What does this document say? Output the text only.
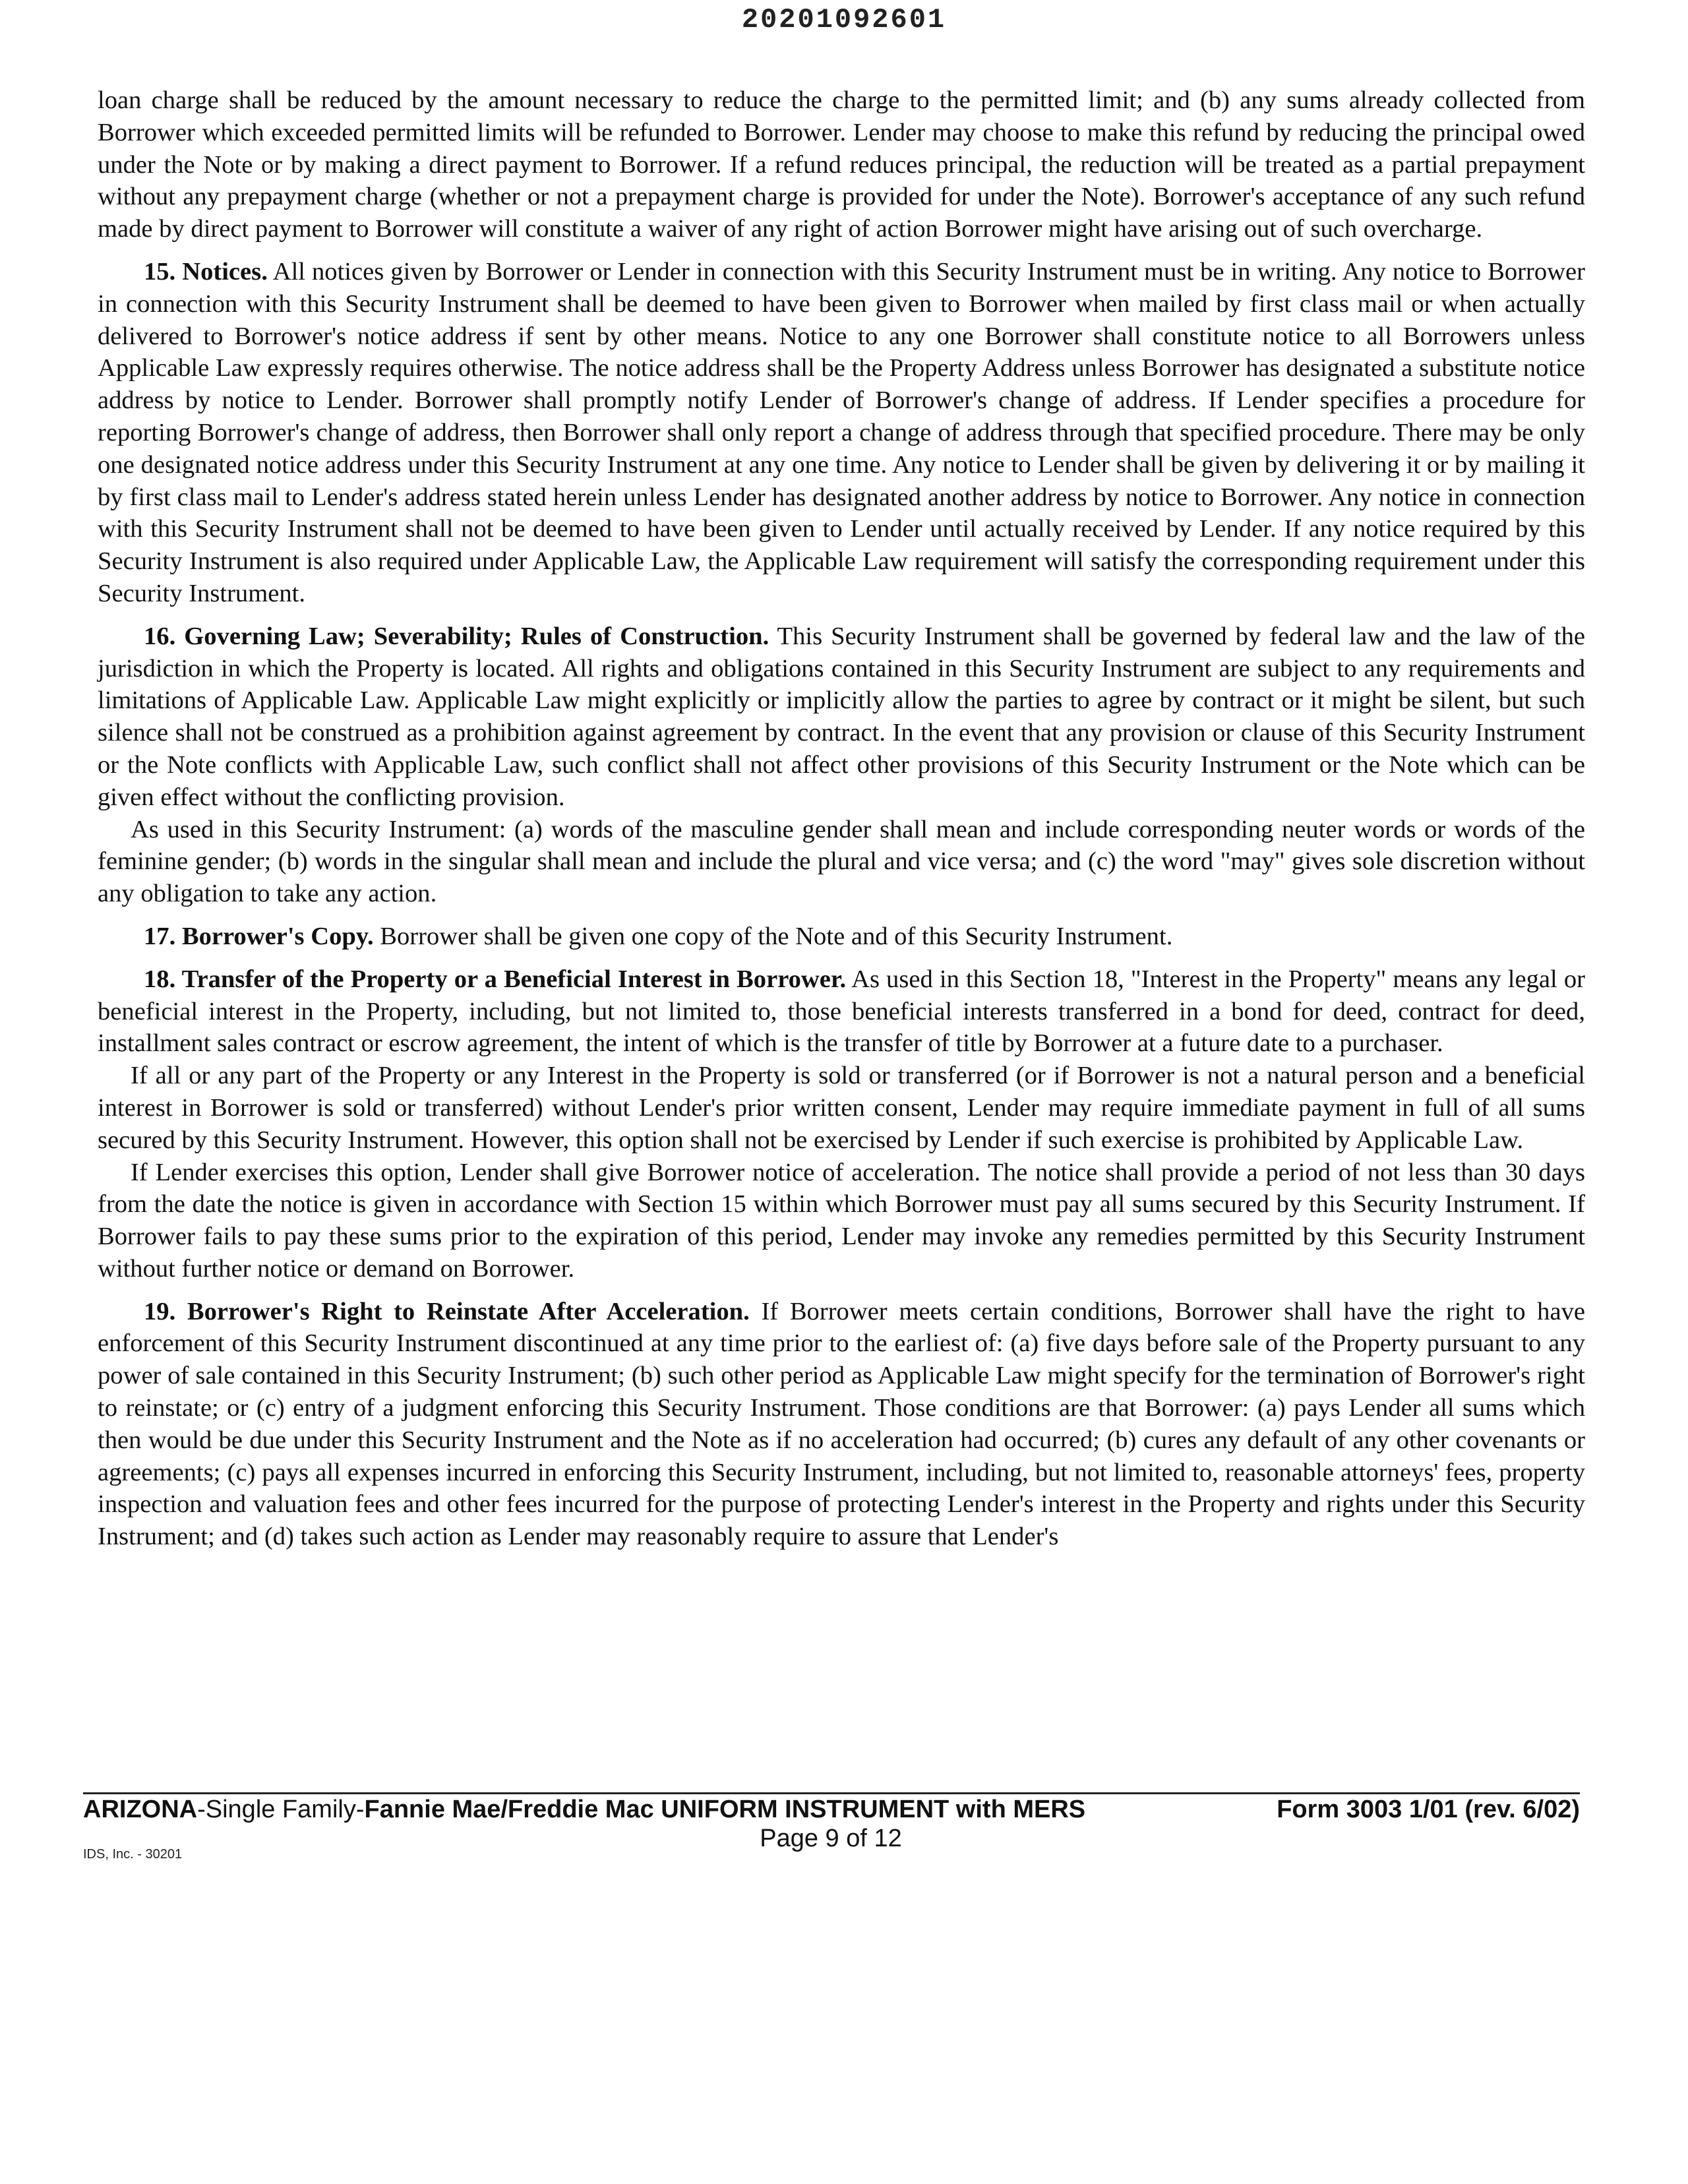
20201092601

loan charge shall be reduced by the amount necessary to reduce the charge to the permitted limit; and (b) any sums already collected from Borrower which exceeded permitted limits will be refunded to Borrower. Lender may choose to make this refund by reducing the principal owed under the Note or by making a direct payment to Borrower. If a refund reduces principal, the reduction will be treated as a partial prepayment without any prepayment charge (whether or not a prepayment charge is provided for under the Note). Borrower's acceptance of any such refund made by direct payment to Borrower will constitute a waiver of any right of action Borrower might have arising out of such overcharge.

15. Notices. All notices given by Borrower or Lender in connection with this Security Instrument must be in writing. Any notice to Borrower in connection with this Security Instrument shall be deemed to have been given to Borrower when mailed by first class mail or when actually delivered to Borrower's notice address if sent by other means. Notice to any one Borrower shall constitute notice to all Borrowers unless Applicable Law expressly requires otherwise. The notice address shall be the Property Address unless Borrower has designated a substitute notice address by notice to Lender. Borrower shall promptly notify Lender of Borrower's change of address. If Lender specifies a procedure for reporting Borrower's change of address, then Borrower shall only report a change of address through that specified procedure. There may be only one designated notice address under this Security Instrument at any one time. Any notice to Lender shall be given by delivering it or by mailing it by first class mail to Lender's address stated herein unless Lender has designated another address by notice to Borrower. Any notice in connection with this Security Instrument shall not be deemed to have been given to Lender until actually received by Lender. If any notice required by this Security Instrument is also required under Applicable Law, the Applicable Law requirement will satisfy the corresponding requirement under this Security Instrument.

16. Governing Law; Severability; Rules of Construction. This Security Instrument shall be governed by federal law and the law of the jurisdiction in which the Property is located. All rights and obligations contained in this Security Instrument are subject to any requirements and limitations of Applicable Law. Applicable Law might explicitly or implicitly allow the parties to agree by contract or it might be silent, but such silence shall not be construed as a prohibition against agreement by contract. In the event that any provision or clause of this Security Instrument or the Note conflicts with Applicable Law, such conflict shall not affect other provisions of this Security Instrument or the Note which can be given effect without the conflicting provision.

As used in this Security Instrument: (a) words of the masculine gender shall mean and include corresponding neuter words or words of the feminine gender; (b) words in the singular shall mean and include the plural and vice versa; and (c) the word "may" gives sole discretion without any obligation to take any action.

17. Borrower's Copy. Borrower shall be given one copy of the Note and of this Security Instrument.

18. Transfer of the Property or a Beneficial Interest in Borrower. As used in this Section 18, "Interest in the Property" means any legal or beneficial interest in the Property, including, but not limited to, those beneficial interests transferred in a bond for deed, contract for deed, installment sales contract or escrow agreement, the intent of which is the transfer of title by Borrower at a future date to a purchaser.

If all or any part of the Property or any Interest in the Property is sold or transferred (or if Borrower is not a natural person and a beneficial interest in Borrower is sold or transferred) without Lender's prior written consent, Lender may require immediate payment in full of all sums secured by this Security Instrument. However, this option shall not be exercised by Lender if such exercise is prohibited by Applicable Law.

If Lender exercises this option, Lender shall give Borrower notice of acceleration. The notice shall provide a period of not less than 30 days from the date the notice is given in accordance with Section 15 within which Borrower must pay all sums secured by this Security Instrument. If Borrower fails to pay these sums prior to the expiration of this period, Lender may invoke any remedies permitted by this Security Instrument without further notice or demand on Borrower.

19. Borrower's Right to Reinstate After Acceleration. If Borrower meets certain conditions, Borrower shall have the right to have enforcement of this Security Instrument discontinued at any time prior to the earliest of: (a) five days before sale of the Property pursuant to any power of sale contained in this Security Instrument; (b) such other period as Applicable Law might specify for the termination of Borrower's right to reinstate; or (c) entry of a judgment enforcing this Security Instrument. Those conditions are that Borrower: (a) pays Lender all sums which then would be due under this Security Instrument and the Note as if no acceleration had occurred; (b) cures any default of any other covenants or agreements; (c) pays all expenses incurred in enforcing this Security Instrument, including, but not limited to, reasonable attorneys' fees, property inspection and valuation fees and other fees incurred for the purpose of protecting Lender's interest in the Property and rights under this Security Instrument; and (d) takes such action as Lender may reasonably require to assure that Lender's

ARIZONA-Single Family-Fannie Mae/Freddie Mac UNIFORM INSTRUMENT with MERS	Form 3003 1/01 (rev. 6/02)
Page 9 of 12
IDS, Inc. - 30201
